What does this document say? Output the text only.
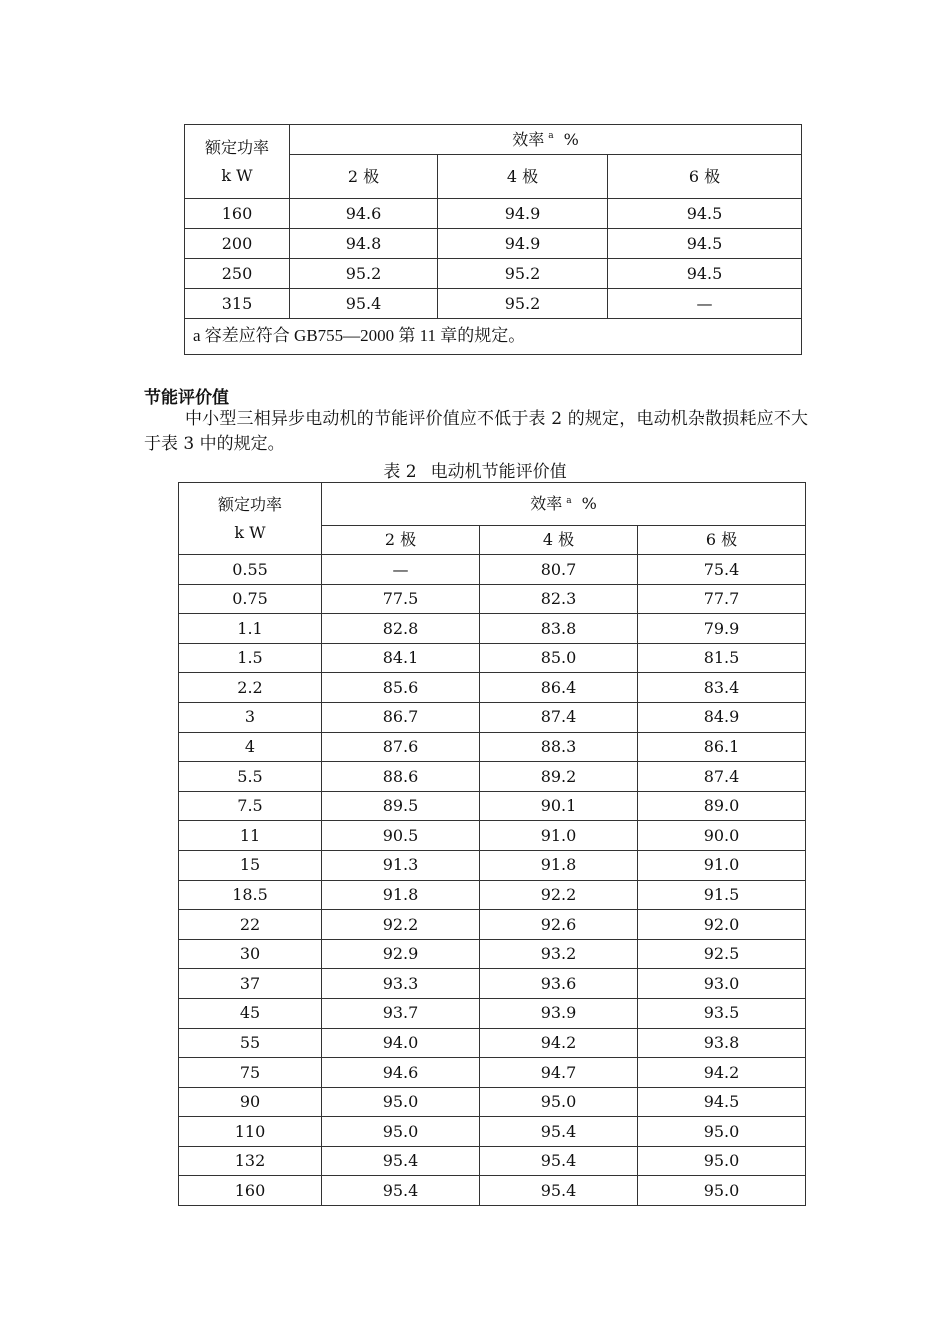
额定功率
k W	效率 $^a$ %		
	2 极	4 极	6 极
160	94.6	94.9	94.5
200	94.8	94.9	94.5
250	95.2	95.2	94.5
315	95.4	95.2	—
a 容差应符合 GB755—2000 第 11 章的规定。			
节能评价值
中小型三相异步电动机的节能评价值应不低于表 2 的规定，电动机杂散损耗应不大于表 3 中的规定。
表 2 电动机节能评价值
额定功率
k W	效率 $^a$ %		
	2 极	4 极	6 极
0.55	—	80.7	75.4
0.75	77.5	82.3	77.7
1.1	82.8	83.8	79.9
1.5	84.1	85.0	81.5
2.2	85.6	86.4	83.4
3	86.7	87.4	84.9
4	87.6	88.3	86.1
5.5	88.6	89.2	87.4
7.5	89.5	90.1	89.0
11	90.5	91.0	90.0
15	91.3	91.8	91.0
18.5	91.8	92.2	91.5
22	92.2	92.6	92.0
30	92.9	93.2	92.5
37	93.3	93.6	93.0
45	93.7	93.9	93.5
55	94.0	94.2	93.8
75	94.6	94.7	94.2
90	95.0	95.0	94.5
110	95.0	95.4	95.0
132	95.4	95.4	95.0
160	95.4	95.4	95.0
